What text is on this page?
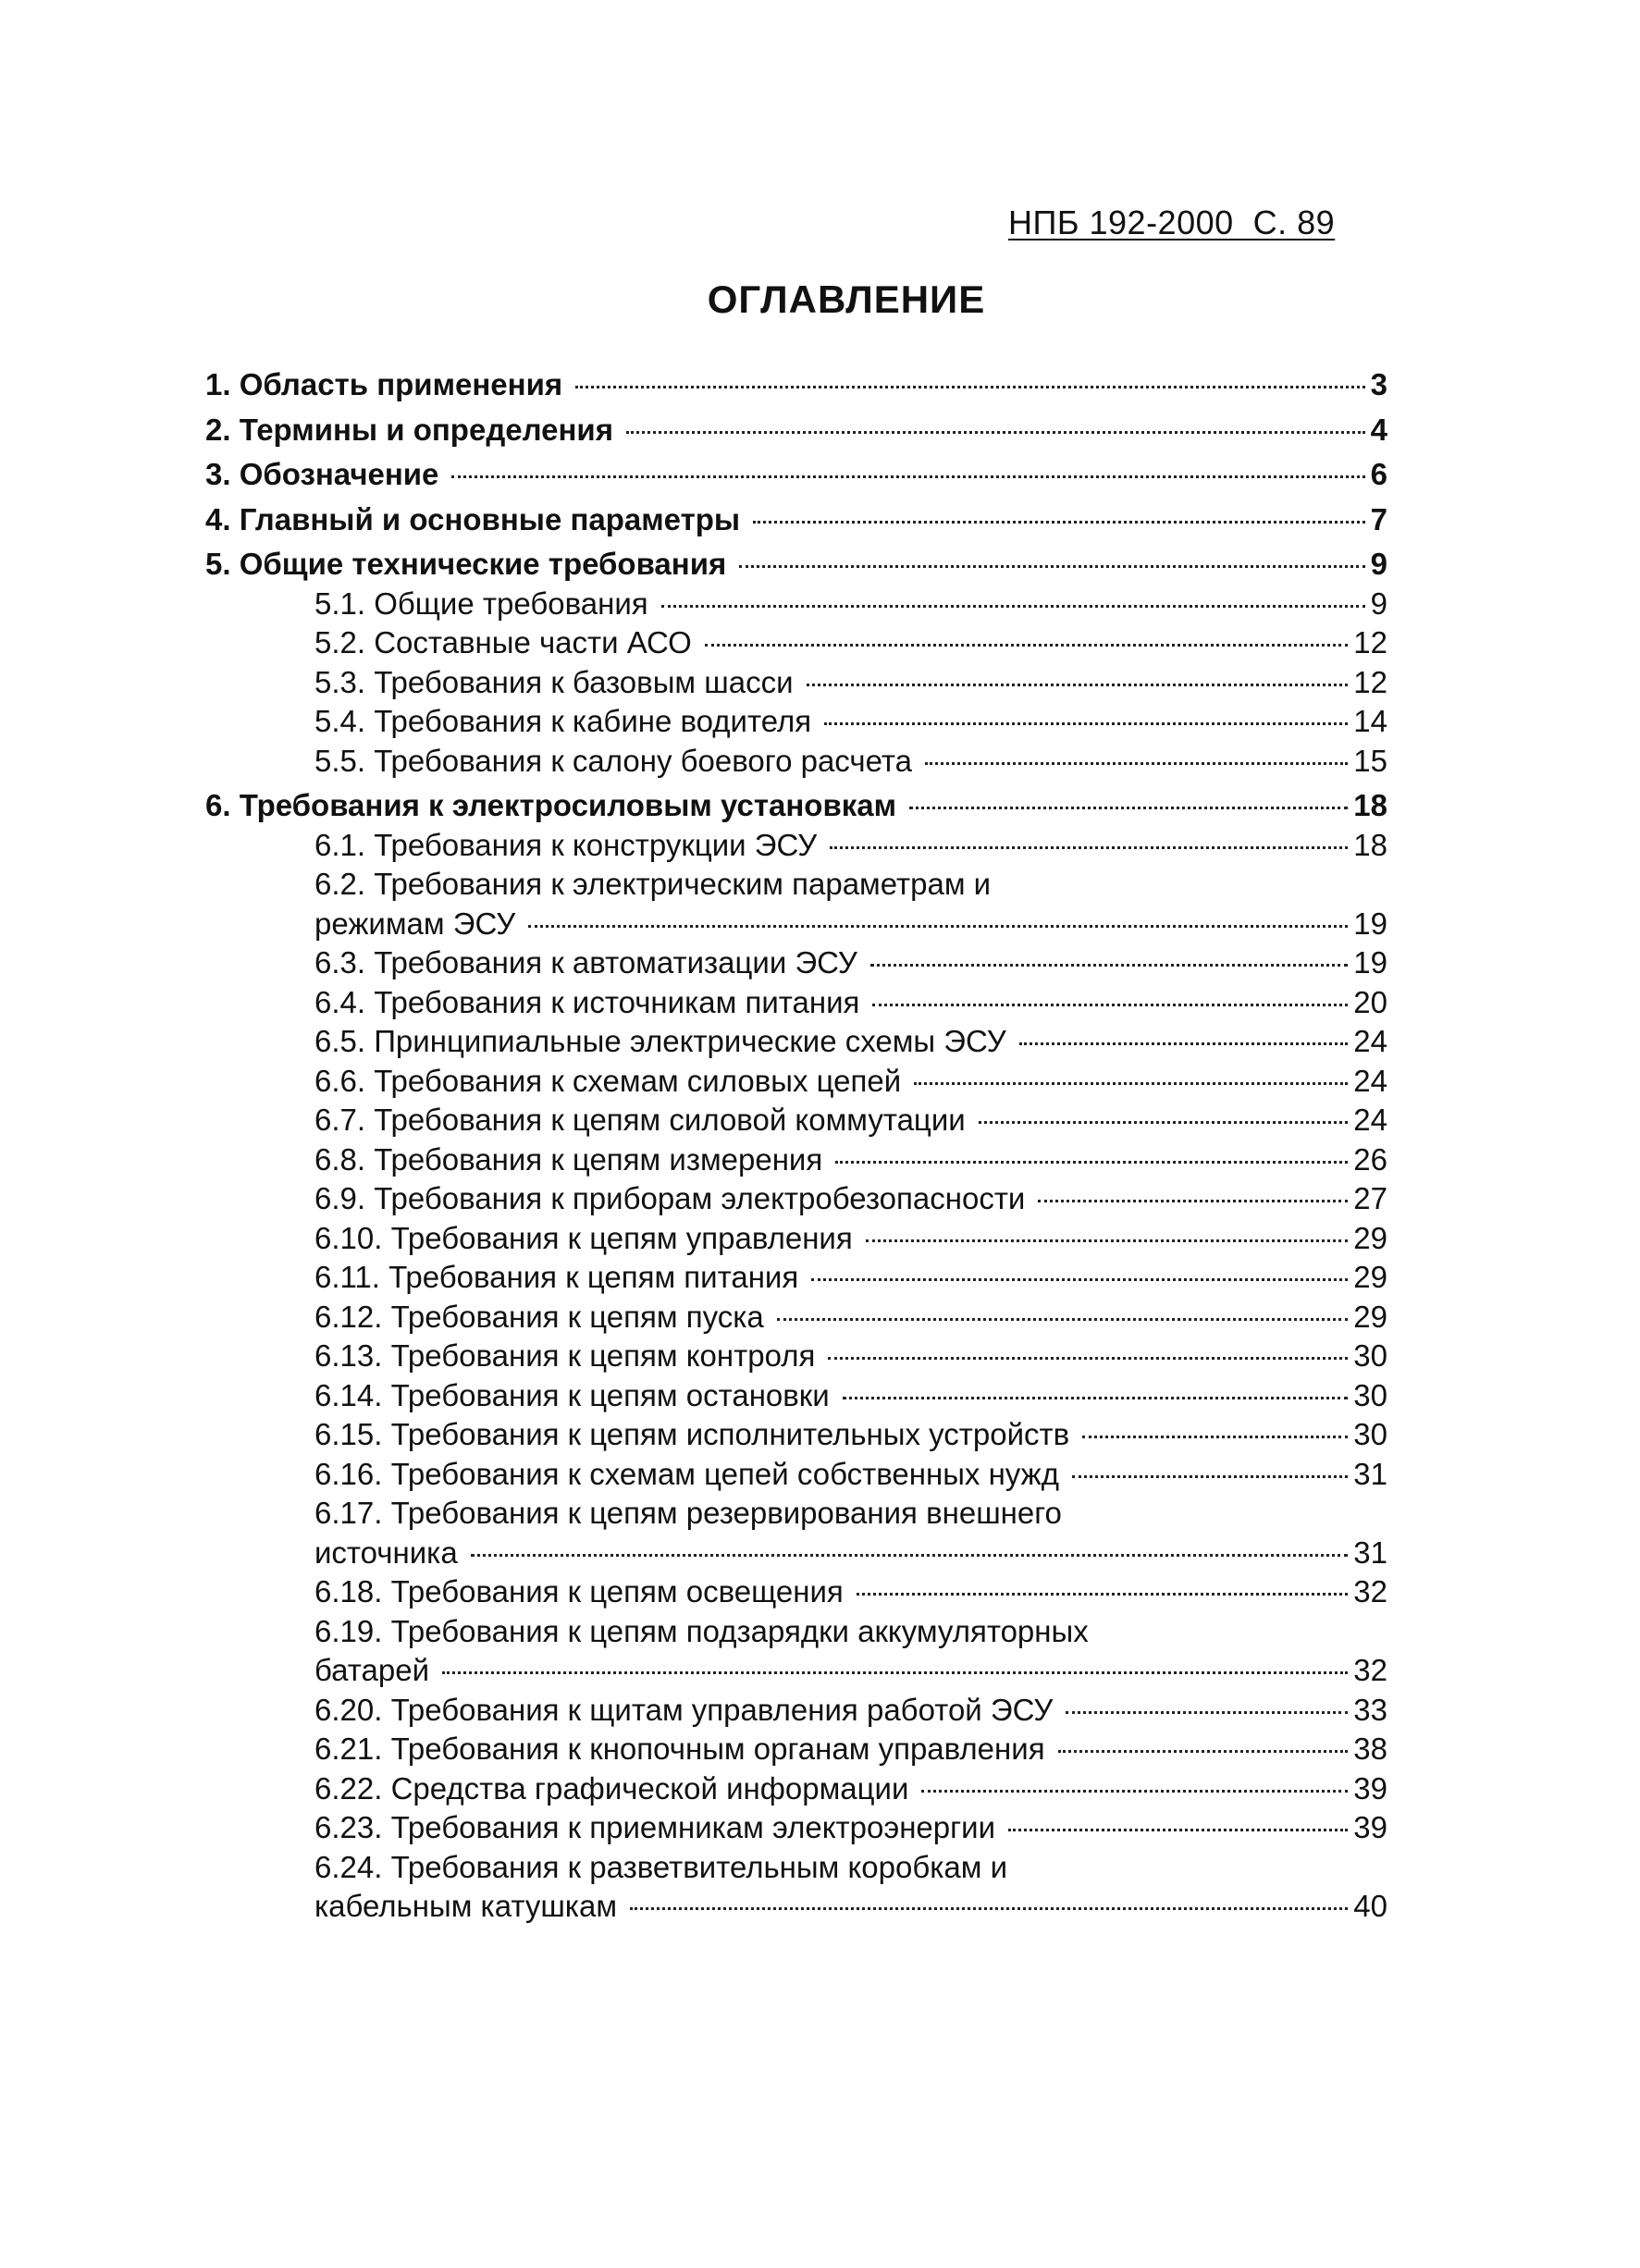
НПБ 192-2000  С. 89
ОГЛАВЛЕНИЕ
1. Область применения	3
2. Термины и определения	4
3. Обозначение	6
4. Главный и основные параметры	7
5. Общие технические требования	9
5.1. Общие требования	9
5.2. Составные части АСО	12
5.3. Требования к базовым шасси	12
5.4. Требования к кабине водителя	14
5.5. Требования к салону боевого расчета	15
6. Требования к электросиловым установкам	18
6.1. Требования к конструкции ЭСУ	18
6.2. Требования к электрическим параметрам и
режимам ЭСУ	19
6.3. Требования к автоматизации ЭСУ	19
6.4. Требования к источникам питания	20
6.5. Принципиальные электрические схемы ЭСУ	24
6.6. Требования к схемам силовых цепей	24
6.7. Требования к цепям силовой коммутации	24
6.8. Требования к цепям измерения	26
6.9. Требования к приборам электробезопасности	27
6.10. Требования к цепям управления	29
6.11. Требования к цепям питания	29
6.12. Требования к цепям пуска	29
6.13. Требования к цепям контроля	30
6.14. Требования к цепям остановки	30
6.15. Требования к цепям исполнительных устройств	30
6.16. Требования к схемам цепей собственных нужд	31
6.17. Требования к цепям резервирования внешнего
источника	31
6.18. Требования к цепям освещения	32
6.19. Требования к цепям подзарядки аккумуляторных
батарей	32
6.20. Требования к щитам управления работой ЭСУ	33
6.21. Требования к кнопочным органам управления	38
6.22. Средства графической информации	39
6.23. Требования к приемникам электроэнергии	39
6.24. Требования к разветвительным коробкам и
кабельным катушкам	40
